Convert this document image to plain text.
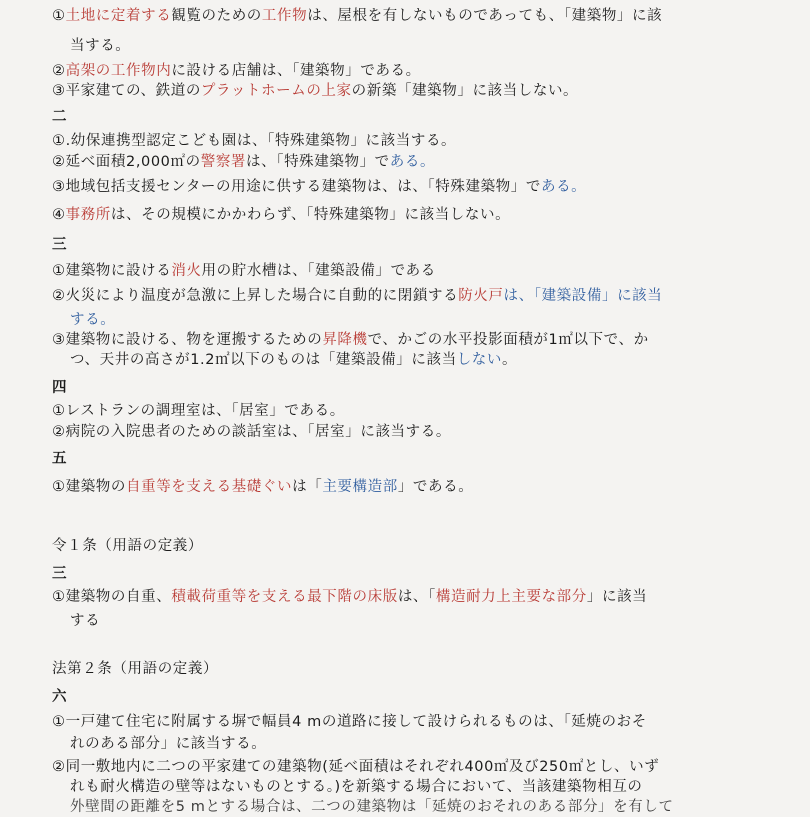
①土地に定着する観覧のための工作物は、屋根を有しないものであっても、「建築物」に該
当する。
②高架の工作物内に設ける店舗は、「建築物」である。
③平家建ての、鉄道のプラットホームの上家の新築「建築物」に該当しない。
二
①.幼保連携型認定こども園は、「特殊建築物」に該当する。
②延べ面積2,000㎡の警察署は、「特殊建築物」である。
③地域包括支援センターの用途に供する建築物は、は、「特殊建築物」である。
④事務所は、その規模にかかわらず、「特殊建築物」に該当しない。
三
①建築物に設ける消火用の貯水槽は、「建築設備」である
②火災により温度が急激に上昇した場合に自動的に閉鎖する防火戸は、「建築設備」に該当
する。
③建築物に設ける、物を運搬するための昇降機で、かごの水平投影面積が1㎡以下で、か
つ、天井の高さが1.2㎡以下のものは「建築設備」に該当しない。
四
①レストランの調理室は、「居室」である。
②病院の入院患者のための談話室は、「居室」に該当する。
五
①建築物の自重等を支える基礎ぐいは「主要構造部」である。
令１条（用語の定義）
三
①建築物の自重、積載荷重等を支える最下階の床版は、「構造耐力上主要な部分」に該当
する
法第２条（用語の定義）
六
①一戸建て住宅に附属する塀で幅員4 mの道路に接して設けられるものは、「延焼のおそ
れのある部分」に該当する。
②同一敷地内に二つの平家建ての建築物(延べ面積はそれぞれ400㎡及び250㎡とし、いず
れも耐火構造の壁等はないものとする。)を新築する場合において、当該建築物相互の
外壁間の距離を5 mとする場合は、二つの建築物は「延焼のおそれのある部分」を有して
